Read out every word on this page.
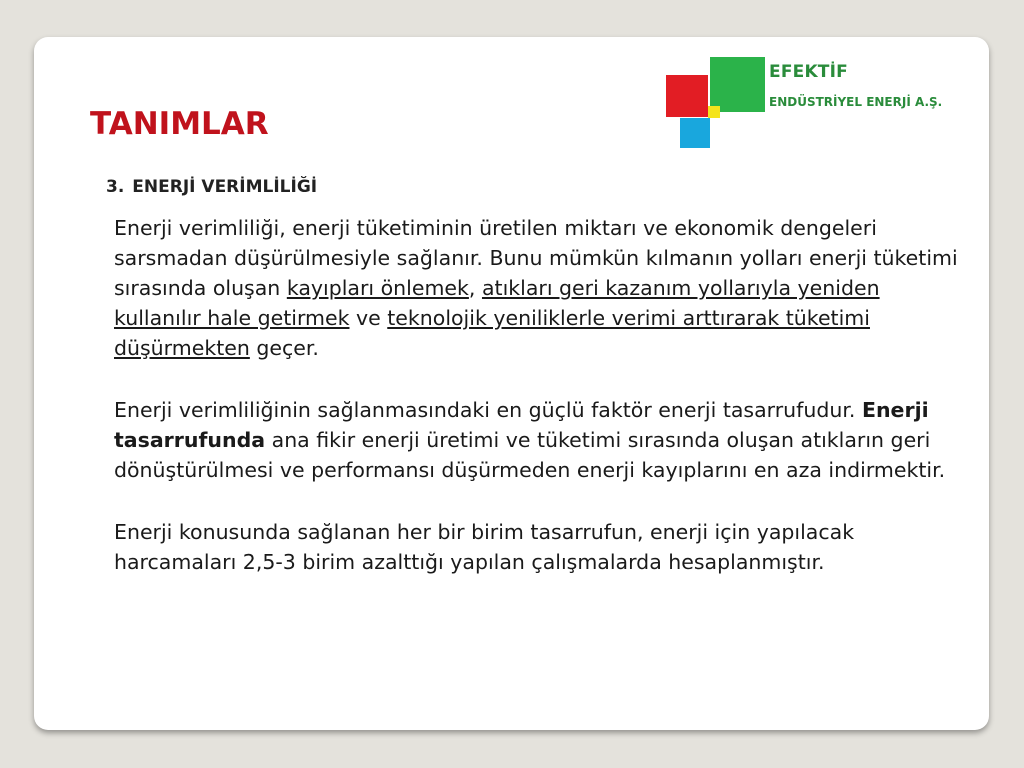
EFEKTİF
ENDÜSTRİYEL ENERJİ A.Ş.
TANIMLAR
3. ENERJİ VERİMLİLİĞİ

Enerji verimliliği, enerji tüketiminin üretilen miktarı ve ekonomik dengeleri sarsmadan düşürülmesiyle sağlanır. Bunu mümkün kılmanın yolları enerji tüketimi sırasında oluşan kayıpları önlemek, atıkları geri kazanım yollarıyla yeniden kullanılır hale getirmek ve teknolojik yeniliklerle verimi arttırarak tüketimi düşürmekten geçer.

Enerji verimliliğinin sağlanmasındaki en güçlü faktör enerji tasarrufudur. Enerji tasarrufunda ana fikir enerji üretimi ve tüketimi sırasında oluşan atıkların geri dönüştürülmesi ve performansı düşürmeden enerji kayıplarını en aza indirmektir.

Enerji konusunda sağlanan her bir birim tasarrufun, enerji için yapılacak harcamaları 2,5-3 birim azalttığı yapılan çalışmalarda hesaplanmıştır.
